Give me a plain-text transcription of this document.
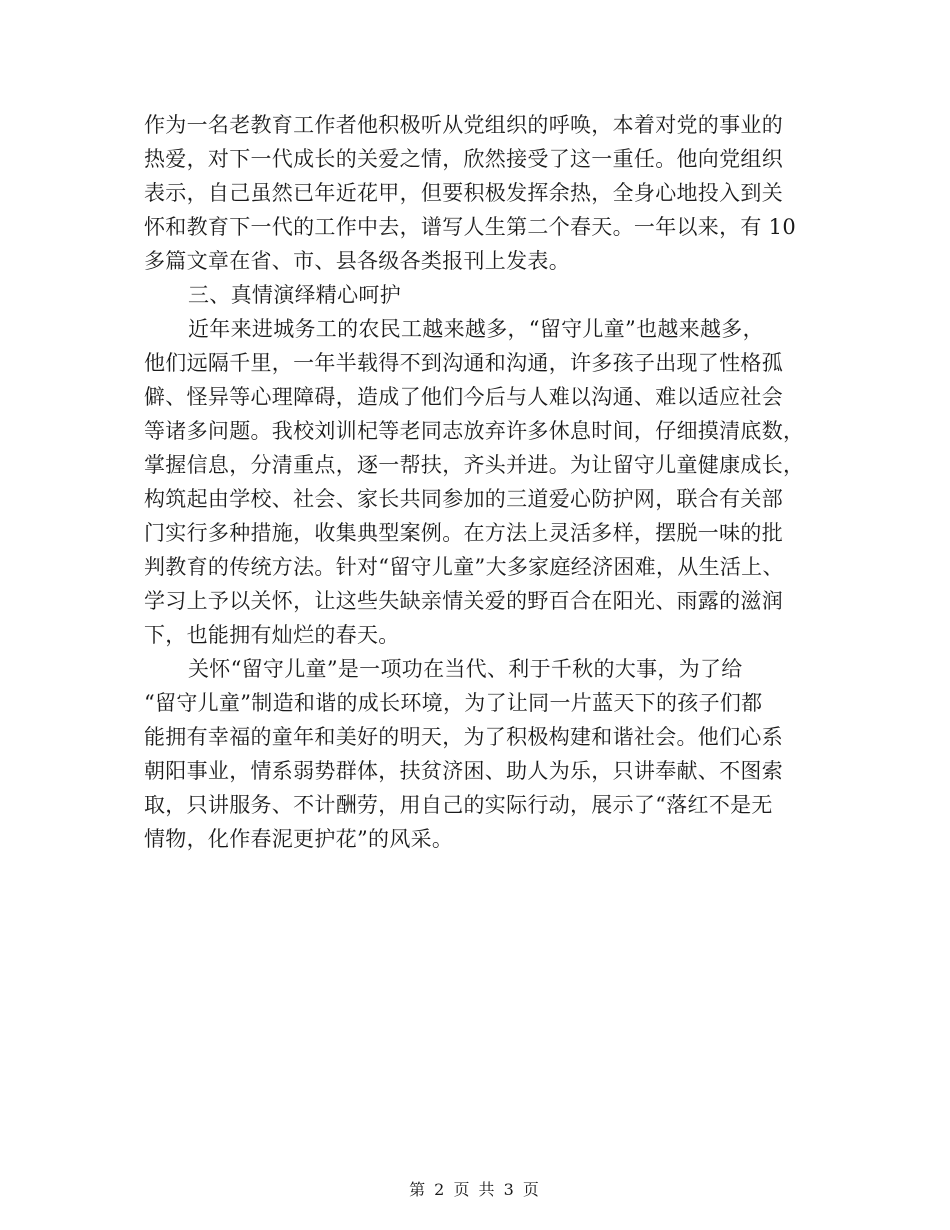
作为一名老教育工作者他积极听从党组织的呼唤，本着对党的事业的
热爱，对下一代成长的关爱之情，欣然接受了这一重任。他向党组织
表示，自己虽然已年近花甲，但要积极发挥余热，全身心地投入到关
怀和教育下一代的工作中去，谱写人生第二个春天。一年以来，有 10
多篇文章在省、市、县各级各类报刊上发表。
三、真情演绎精心呵护
近年来进城务工的农民工越来越多，“留守儿童”也越来越多，
他们远隔千里，一年半载得不到沟通和沟通，许多孩子出现了性格孤
僻、怪异等心理障碍，造成了他们今后与人难以沟通、难以适应社会
等诸多问题。我校刘训杞等老同志放弃许多休息时间，仔细摸清底数，
掌握信息，分清重点，逐一帮扶，齐头并进。为让留守儿童健康成长，
构筑起由学校、社会、家长共同参加的三道爱心防护网，联合有关部
门实行多种措施，收集典型案例。在方法上灵活多样，摆脱一味的批
判教育的传统方法。针对“留守儿童”大多家庭经济困难，从生活上、
学习上予以关怀，让这些失缺亲情关爱的野百合在阳光、雨露的滋润
下，也能拥有灿烂的春天。
关怀“留守儿童”是一项功在当代、利于千秋的大事，为了给
“留守儿童”制造和谐的成长环境，为了让同一片蓝天下的孩子们都
能拥有幸福的童年和美好的明天，为了积极构建和谐社会。他们心系
朝阳事业，情系弱势群体，扶贫济困、助人为乐，只讲奉献、不图索
取，只讲服务、不计酬劳，用自己的实际行动，展示了“落红不是无
情物，化作春泥更护花”的风采。
第 2 页 共 3 页
